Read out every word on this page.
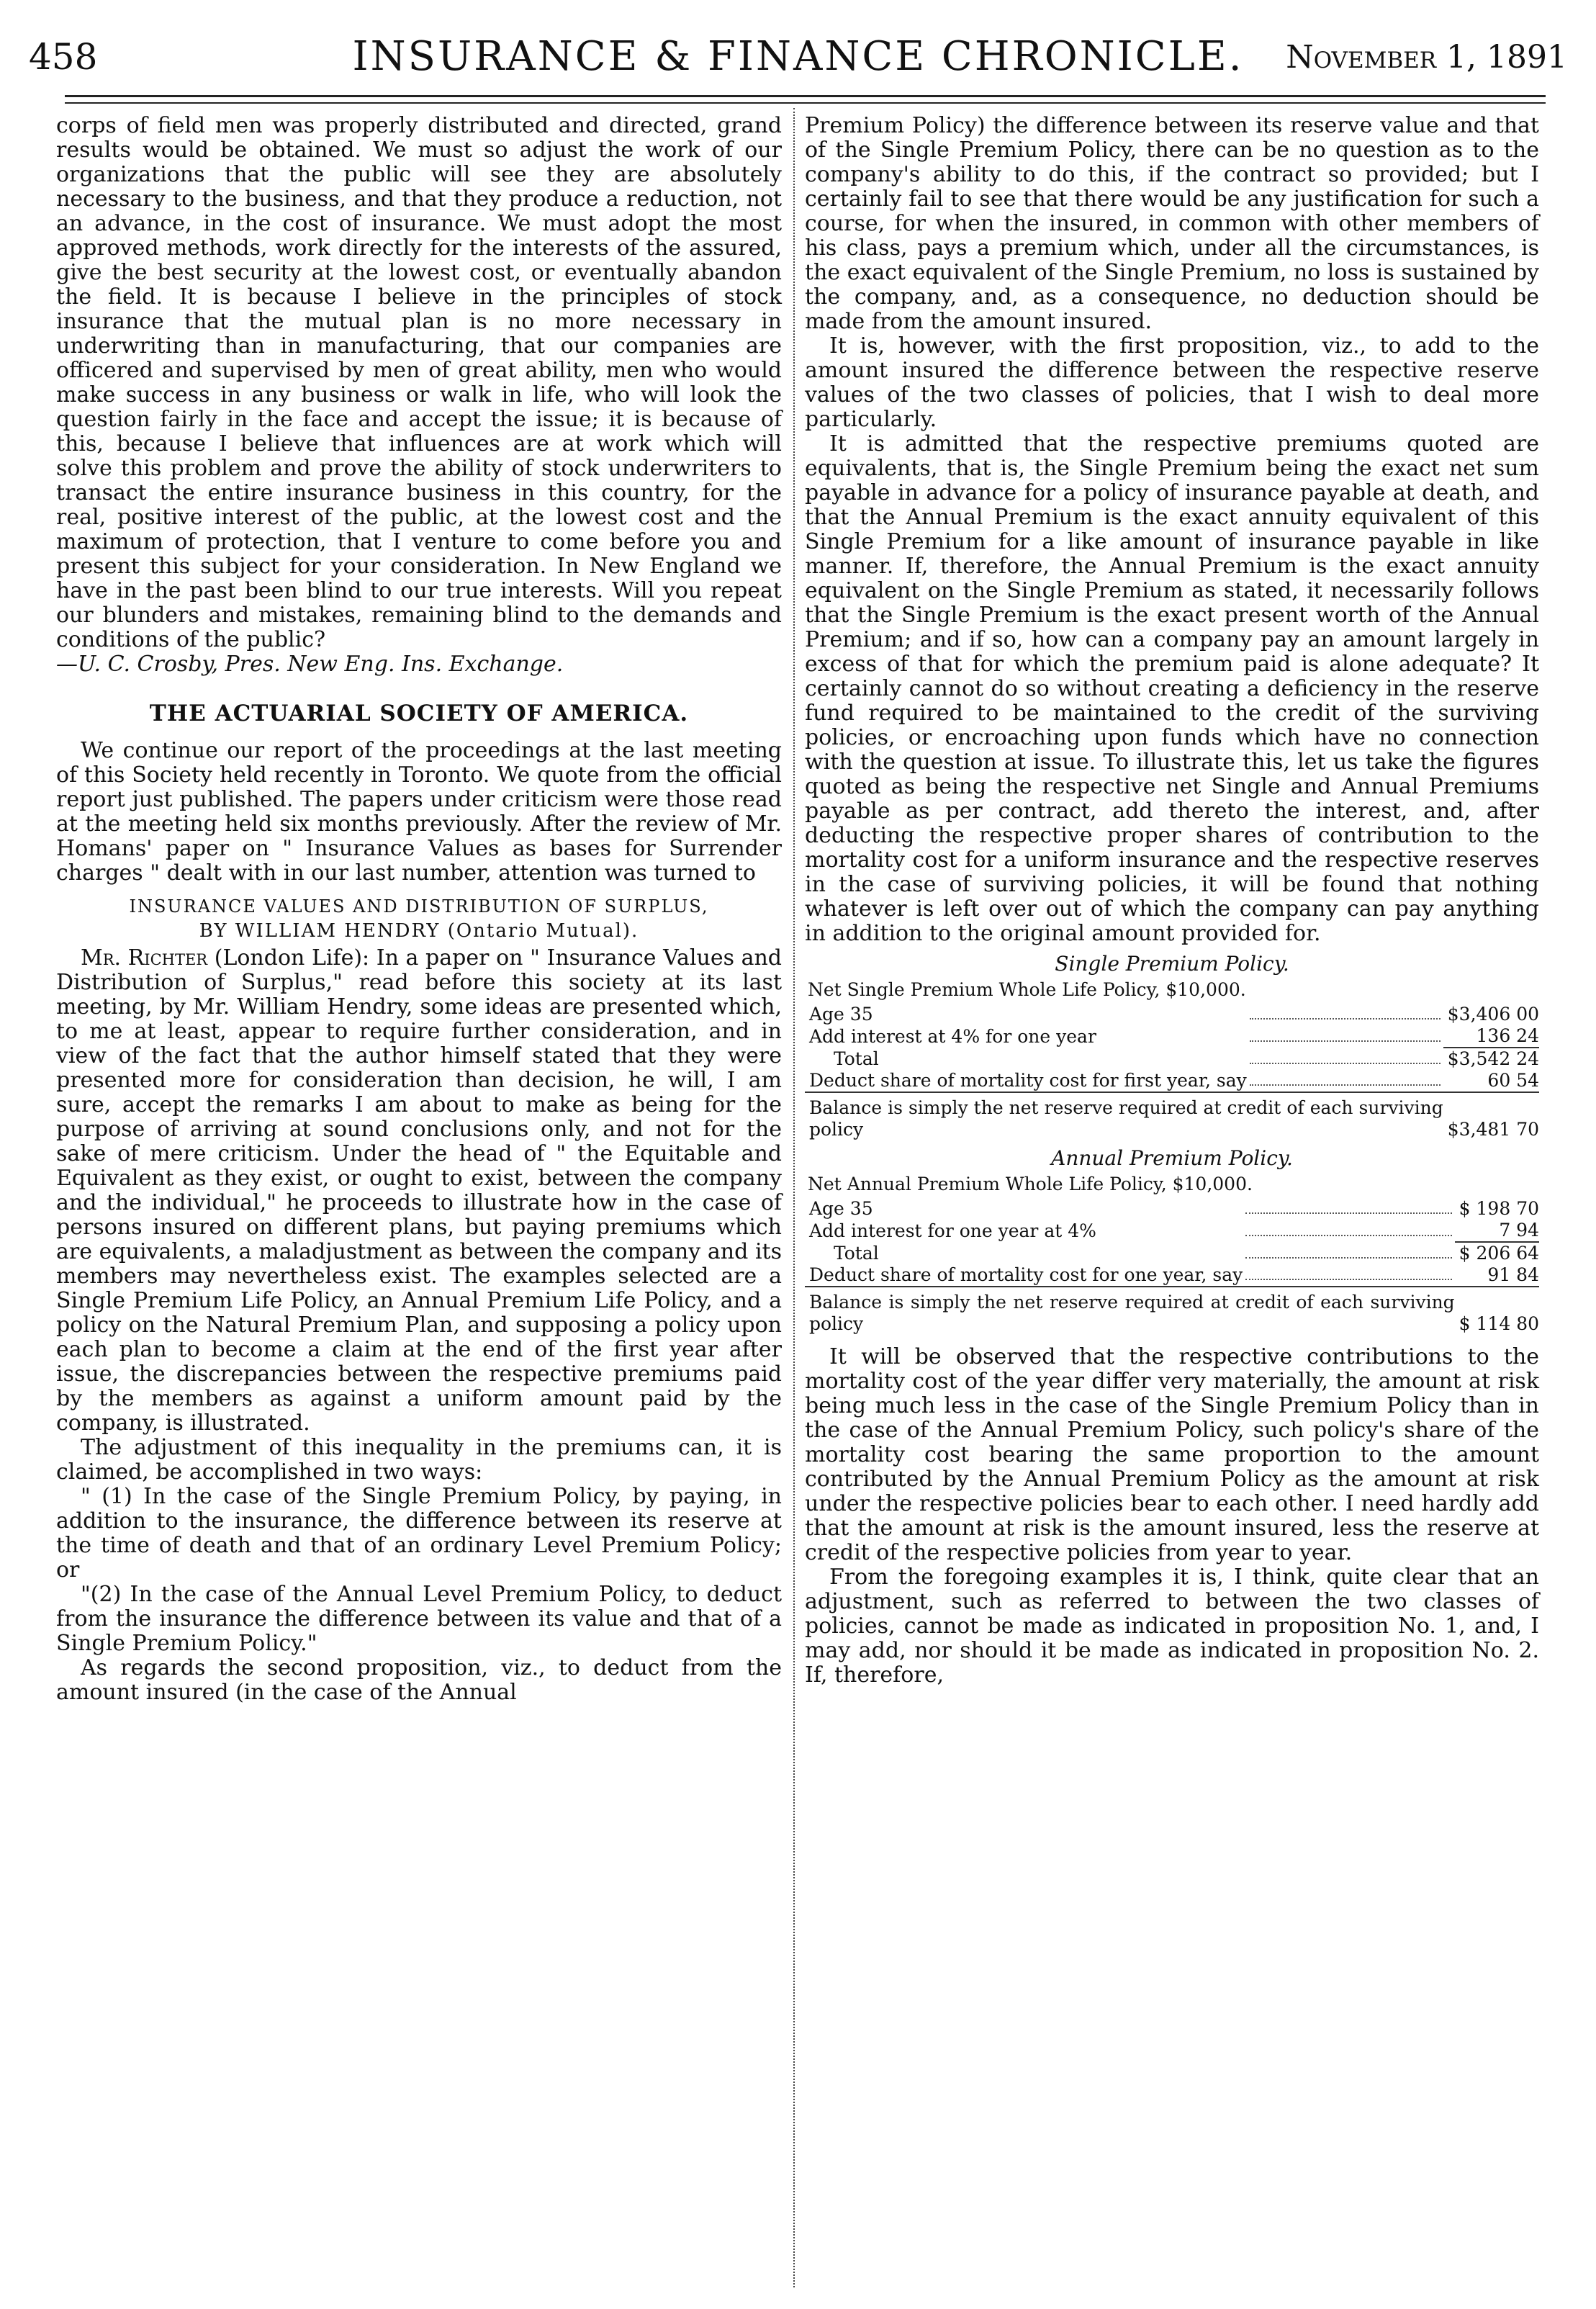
458	INSURANCE & FINANCE CHRONICLE.	November 1, 1891

corps of field men was properly distributed and directed, grand results would be obtained. We must so adjust the work of our organizations that the public will see they are absolutely necessary to the business, and that they produce a reduction, not an advance, in the cost of insurance. We must adopt the most approved methods, work directly for the interests of the assured, give the best security at the lowest cost, or eventually abandon the field. It is because I believe in the principles of stock insurance that the mutual plan is no more necessary in underwriting than in manufacturing, that our companies are officered and supervised by men of great ability, men who would make success in any business or walk in life, who will look the question fairly in the face and accept the issue; it is because of this, because I believe that influences are at work which will solve this problem and prove the ability of stock underwriters to transact the entire insurance business in this country, for the real, positive interest of the public, at the lowest cost and the maximum of protection, that I venture to come before you and present this subject for your consideration. In New England we have in the past been blind to our true interests. Will you repeat our blunders and mistakes, remaining blind to the demands and conditions of the public?

—U. C. Crosby, Pres. New Eng. Ins. Exchange.

THE ACTUARIAL SOCIETY OF AMERICA.

We continue our report of the proceedings at the last meeting of this Society held recently in Toronto. We quote from the official report just published. The papers under criticism were those read at the meeting held six months previously. After the review of Mr. Homans' paper on " Insurance Values as bases for Surrender charges " dealt with in our last number, attention was turned to

INSURANCE VALUES AND DISTRIBUTION OF SURPLUS,

BY WILLIAM HENDRY (Ontario Mutual).

Mr. Richter (London Life): In a paper on " Insurance Values and Distribution of Surplus," read before this society at its last meeting, by Mr. William Hendry, some ideas are presented which, to me at least, appear to require further consideration, and in view of the fact that the author himself stated that they were presented more for consideration than decision, he will, I am sure, accept the remarks I am about to make as being for the purpose of arriving at sound conclusions only, and not for the sake of mere criticism. Under the head of " the Equitable and Equivalent as they exist, or ought to exist, between the company and the individual," he proceeds to illustrate how in the case of persons insured on different plans, but paying premiums which are equivalents, a maladjustment as between the company and its members may nevertheless exist. The examples selected are a Single Premium Life Policy, an Annual Premium Life Policy, and a policy on the Natural Premium Plan, and supposing a policy upon each plan to become a claim at the end of the first year after issue, the discrepancies between the respective premiums paid by the members as against a uniform amount paid by the company, is illustrated.

The adjustment of this inequality in the premiums can, it is claimed, be accomplished in two ways:

" (1) In the case of the Single Premium Policy, by paying, in addition to the insurance, the difference between its reserve at the time of death and that of an ordinary Level Premium Policy; or

"(2) In the case of the Annual Level Premium Policy, to deduct from the insurance the difference between its value and that of a Single Premium Policy."

As regards the second proposition, viz., to deduct from the amount insured (in the case of the Annual

Premium Policy) the difference between its reserve value and that of the Single Premium Policy, there can be no question as to the company's ability to do this, if the contract so provided; but I certainly fail to see that there would be any justification for such a course, for when the insured, in common with other members of his class, pays a premium which, under all the circumstances, is the exact equivalent of the Single Premium, no loss is sustained by the company, and, as a consequence, no deduction should be made from the amount insured.

It is, however, with the first proposition, viz., to add to the amount insured the difference between the respective reserve values of the two classes of policies, that I wish to deal more particularly.

It is admitted that the respective premiums quoted are equivalents, that is, the Single Premium being the exact net sum payable in advance for a policy of insurance payable at death, and that the Annual Premium is the exact annuity equivalent of this Single Premium for a like amount of insurance payable in like manner. If, therefore, the Annual Premium is the exact annuity equivalent on the Single Premium as stated, it necessarily follows that the Single Premium is the exact present worth of the Annual Premium; and if so, how can a company pay an amount largely in excess of that for which the premium paid is alone adequate? It certainly cannot do so without creating a deficiency in the reserve fund required to be maintained to the credit of the surviving policies, or encroaching upon funds which have no connection with the question at issue. To illustrate this, let us take the figures quoted as being the respective net Single and Annual Premiums payable as per contract, add thereto the interest, and, after deducting the respective proper shares of contribution to the mortality cost for a uniform insurance and the respective reserves in the case of surviving policies, it will be found that nothing whatever is left over out of which the company can pay anything in addition to the original amount provided for.

Single Premium Policy.
Net Single Premium Whole Life Policy, $10,000.
Age 35		$3,406 00
Add interest at 4% for one year		136 24
Total		$3,542 24
Deduct share of mortality cost for first year, say		60 54
Balance is simply the net reserve required at credit of each surviving policy		$3,481 70
Annual Premium Policy.
Net Annual Premium Whole Life Policy, $10,000.
Age 35		$ 198 70
Add interest for one year at 4%		7 94
Total		$ 206 64
Deduct share of mortality cost for one year, say		91 84
Balance is simply the net reserve required at credit of each surviving policy		$ 114 80

It will be observed that the respective contributions to the mortality cost of the year differ very materially, the amount at risk being much less in the case of the Single Premium Policy than in the case of the Annual Premium Policy, such policy's share of the mortality cost bearing the same proportion to the amount contributed by the Annual Premium Policy as the amount at risk under the respective policies bear to each other. I need hardly add that the amount at risk is the amount insured, less the reserve at credit of the respective policies from year to year.

From the foregoing examples it is, I think, quite clear that an adjustment, such as referred to between the two classes of policies, cannot be made as indicated in proposition No. 1, and, I may add, nor should it be made as indicated in proposition No. 2. If, therefore,
